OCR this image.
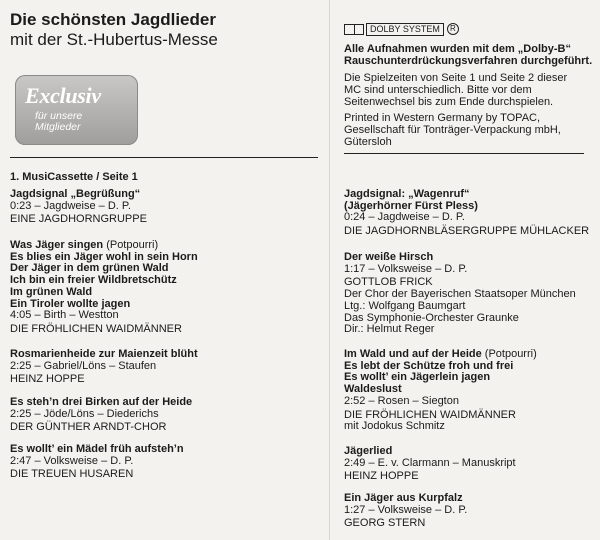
Die schönsten Jagdlieder
mit der St.-Hubertus-Messe
Exclusiv
für unsere
Mitglieder
1. MusiCassette / Seite 1
Jagdsignal „Begrüßung“
0:23 – Jagdweise – D. P.
EINE JAGDHORNGRUPPE
Was Jäger singen (Potpourri)
Es blies ein Jäger wohl in sein Horn
Der Jäger in dem grünen Wald
Ich bin ein freier Wildbretschütz
Im grünen Wald
Ein Tiroler wollte jagen
4:05 – Birth – Westton
DIE FRÖHLICHEN WAIDMÄNNER
Rosmarienheide zur Maienzeit blüht
2:25 – Gabriel/Löns – Staufen
HEINZ HOPPE
Es steh’n drei Birken auf der Heide
2:25 – Jöde/Löns – Diederichs
DER GÜNTHER ARNDT-CHOR
Es wollt’ ein Mädel früh aufsteh’n
2:47 – Volksweise – D. P.
DIE TREUEN HUSAREN
DOLBY SYSTEM	R
Alle Aufnahmen wurden mit dem „Dolby-B“
Rauschunterdrückungsverfahren durchgeführt.
Die Spielzeiten von Seite 1 und Seite 2 dieser
MC sind unterschiedlich. Bitte vor dem
Seitenwechsel bis zum Ende durchspielen.
Printed in Western Germany by TOPAC,
Gesellschaft für Tonträger-Verpackung mbH,
Gütersloh
Jagdsignal: „Wagenruf“
(Jägerhörner Fürst Pless)
0:24 – Jagdweise – D. P.
DIE JAGDHORNBLÄSERGRUPPE MÜHLACKER
Der weiße Hirsch
1:17 – Volksweise – D. P.
GOTTLOB FRICK
Der Chor der Bayerischen Staatsoper München
Ltg.: Wolfgang Baumgart
Das Symphonie-Orchester Graunke
Dir.: Helmut Reger
Im Wald und auf der Heide (Potpourri)
Es lebt der Schütze froh und frei
Es wollt’ ein Jägerlein jagen
Waldeslust
2:52 – Rosen – Siegton
DIE FRÖHLICHEN WAIDMÄNNER
mit Jodokus Schmitz
Jägerlied
2:49 – E. v. Clarmann – Manuskript
HEINZ HOPPE
Ein Jäger aus Kurpfalz
1:27 – Volksweise – D. P.
GEORG STERN
